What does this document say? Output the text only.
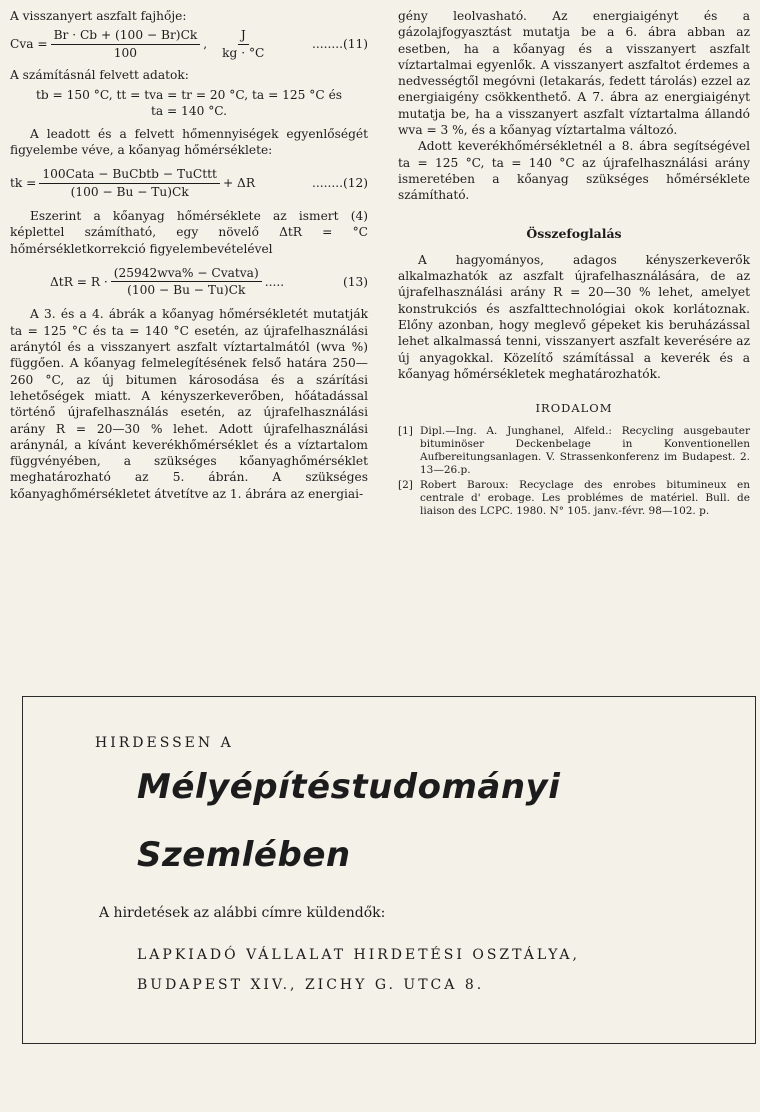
A visszanyert aszfalt fajhője:

Cva = $\frac{Br \cdot Cb + (100 - Br)Ck}{100}$ , $\frac{J}{kg \cdot ^\circ C}$	........(11)

A számításnál felvett adatok:

tb = 150 °C, tt = tva = tr = 20 °C, ta = 125 °C és
ta = 140 °C.

A leadott és a felvett hőmennyiségek egyenlőségét figyelembe véve, a kőanyag hőmérséklete:

tk = $\frac{\text{100Cata − BuCbtb − TuCttt}}{(100 - Bu - Tu)Ck} + \Delta R$	........(12)

Eszerint a kőanyag hőmérséklete az ismert (4) képlettel számítható, egy növelő ΔtR = °C hőmérsékletkorrekció figyelembevételével

$\Delta tR = R \cdot \frac{\text{(25942wva\% − Cvatva)}}{(100 - Bu - Tu)Ck}$ .....	(13)

A 3. és a 4. ábrák a kőanyag hőmérsékletét mutatják ta = 125 °C és ta = 140 °C esetén, az újrafelhasználási aránytól és a visszanyert aszfalt víztartalmától (wva %) függően. A kőanyag felmelegítésének felső határa 250—260 °C, az új bitumen károsodása és a szárítási lehetőségek miatt. A kényszerkeverőben, hőátadással történő újrafelhasználás esetén, az újrafelhasználási arány R = 20—30 % lehet. Adott újrafelhasználási aránynál, a kívánt keverékhőmérséklet és a víztartalom függvényében, a szükséges kőanyaghőmérséklet meghatározható az 5. ábrán. A szükséges kőanyaghőmérsékletet átvetítve az 1. ábrára az energiai-

gény leolvasható. Az energiaigényt és a gázolajfogyasztást mutatja be a 6. ábra abban az esetben, ha a kőanyag és a visszanyert aszfalt víztartalmai egyenlők. A visszanyert aszfaltot érdemes a nedvességtől megóvni (letakarás, fedett tárolás) ezzel az energiaigény csökkenthető. A 7. ábra az energiaigényt mutatja be, ha a visszanyert aszfalt víztartalma állandó wva = 3 %, és a kőanyag víztartalma változó.

Adott keverékhőmérsékletnél a 8. ábra segítségével ta = 125 °C, ta = 140 °C az újrafelhasználási arány ismeretében a kőanyag szükséges hőmérséklete számítható.

Összefoglalás

A hagyományos, adagos kényszerkeverők alkalmazhatók az aszfalt újrafelhasználására, de az újrafelhasználási arány R = 20—30 % lehet, amelyet konstrukciós és aszfalttechnológiai okok korlátoznak. Előny azonban, hogy meglevő gépeket kis beruházással lehet alkalmassá tenni, visszanyert aszfalt keverésére az új anyagokkal. Közelítő számítással a keverék és a kőanyag hőmérsékletek meghatározhatók.

IRODALOM
[1] Dipl.—Ing. A. Junghanel, Alfeld.: Recycling ausgebauter bituminöser Deckenbelage in Konventionellen Aufbereitungsanlagen. V. Strassenkonferenz im Budapest. 2. 13—26.p.
[2] Robert Baroux: Recyclage des enrobes bitumineux en centrale d' erobage. Les problémes de matériel. Bull. de liaison des LCPC. 1980. N° 105. janv.-févr. 98—102. p.
HIRDESSEN A
Mélyépítéstudományi
Szemlében
A hirdetések az alábbi címre küldendők:
LAPKIADÓ VÁLLALAT HIRDETÉSI OSZTÁLYA,
BUDAPEST XIV., ZICHY G. UTCA 8.
